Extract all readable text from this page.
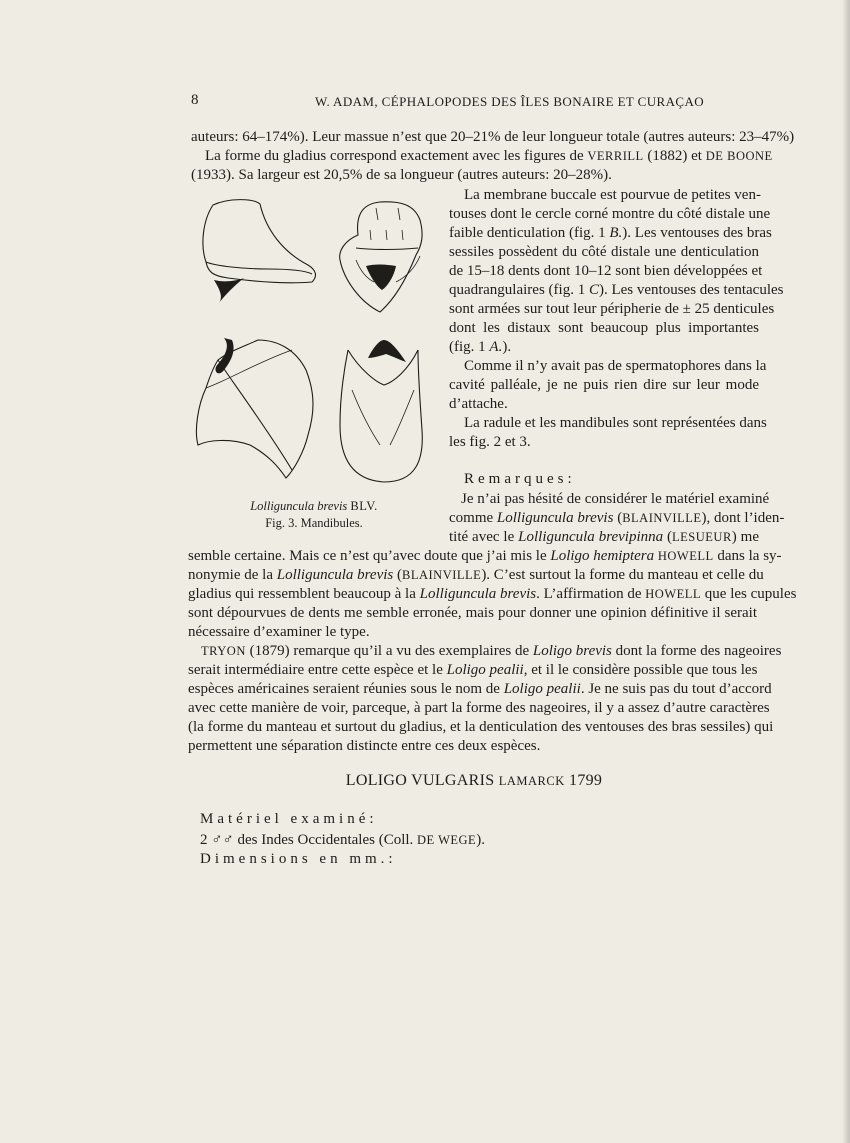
8	W. ADAM, CÉPHALOPODES DES ÎLES BONAIRE ET CURAÇAO
auteurs: 64–174%). Leur massue n’est que 20–21% de leur longueur totale (autres auteurs: 23–47%)
La forme du gladius correspond exactement avec les figures de VERRILL (1882) et DE BOONE
(1933). Sa largeur est 20,5% de sa longueur (autres auteurs: 20–28%).
La membrane buccale est pourvue de petites ven-
touses dont le cercle corné montre du côté distale une
faible denticulation (fig. 1 B.). Les ventouses des bras
sessiles possèdent du côté distale une denticulation
de 15–18 dents dont 10–12 sont bien développées et
quadrangulaires (fig. 1 C). Les ventouses des tentacules
sont armées sur tout leur péripherie de ± 25 denticules
dont les distaux sont beaucoup plus importantes
(fig. 1 A.).
Comme il n’y avait pas de spermatophores dans la
cavité palléale, je ne puis rien dire sur leur mode
d’attache.
La radule et les mandibules sont représentées dans
les fig. 2 et 3.
Remarques:
Je n’ai pas hésité de considérer le matériel examiné
comme Lolliguncula brevis (BLAINVILLE), dont l’iden-
tité avec le Lolliguncula brevipinna (LESUEUR) me
semble certaine. Mais ce n’est qu’avec doute que j’ai mis le Loligo hemiptera HOWELL dans la sy-
nonymie de la Lolliguncula brevis (BLAINVILLE). C’est surtout la forme du manteau et celle du
gladius qui ressemblent beaucoup à la Lolliguncula brevis. L’affirmation de HOWELL que les cupules
sont dépourvues de dents me semble erronée, mais pour donner une opinion définitive il serait
nécessaire d’examiner le type.
TRYON (1879) remarque qu’il a vu des exemplaires de Loligo brevis dont la forme des nageoires
serait intermédiaire entre cette espèce et le Loligo pealii, et il le considère possible que tous les
espèces américaines seraient réunies sous le nom de Loligo pealii. Je ne suis pas du tout d’accord
avec cette manière de voir, parceque, à part la forme des nageoires, il y a assez d’autre caractères
(la forme du manteau et surtout du gladius, et la denticulation des ventouses des bras sessiles) qui
permettent une séparation distincte entre ces deux espèces.
Lolliguncula brevis BLV.
Fig. 3. Mandibules.
LOLIGO VULGARIS LAMARCK 1799
Matériel examiné:
2 ♂♂ des Indes Occidentales (Coll. DE WEGE).
Dimensions en mm.:
